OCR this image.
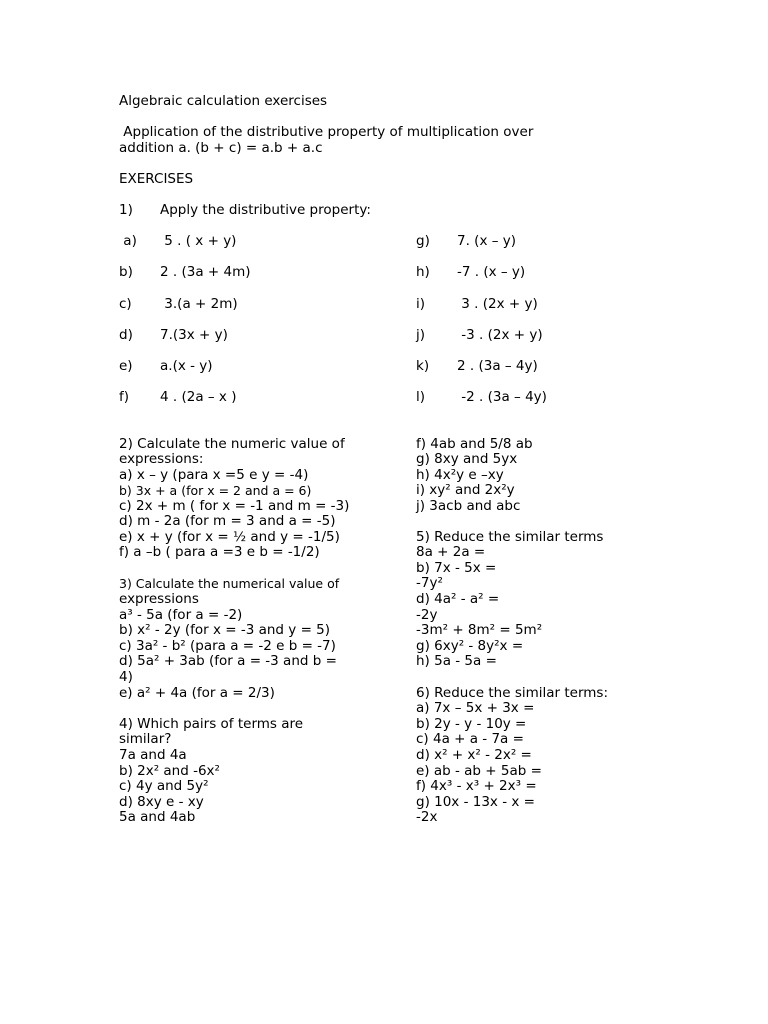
Algebraic calculation exercises
Application of the distributive property of multiplication over
addition a. (b + c) = a.b + a.c
EXERCISES
1) Apply the distributive property:
a) 5 . ( x + y)
b) 2 . (3a + 4m)
c) 3.(a + 2m)
d) 7.(3x + y)
e) a.(x - y)
f) 4 . (2a – x )
g) 7. (x – y)
h) -7 . (x – y)
i) 3 . (2x + y)
j) -3 . (2x + y)
k) 2 . (3a – 4y)
l) -2 . (3a – 4y)
2) Calculate the numeric value of
expressions:
a) x – y (para x =5 e y = -4)
b) 3x + a (for x = 2 and a = 6)
c) 2x + m ( for x = -1 and m = -3)
d) m - 2a (for m = 3 and a = -5)
e) x + y (for x = ½ and y = -1/5)
f) a –b ( para a =3 e b = -1/2)
3) Calculate the numerical value of
expressions
a³ - 5a (for a = -2)
b) x² - 2y (for x = -3 and y = 5)
c) 3a² - b² (para a = -2 e b = -7)
d) 5a² + 3ab (for a = -3 and b =
4)
e) a² + 4a (for a = 2/3)
4) Which pairs of terms are
similar?
7a and 4a
b) 2x² and -6x²
c) 4y and 5y²
d) 8xy e - xy
5a and 4ab
f) 4ab and 5/8 ab
g) 8xy and 5yx
h) 4x²y e –xy
i) xy² and 2x²y
j) 3acb and abc
5) Reduce the similar terms
8a + 2a =
b) 7x - 5x =
-7y²
d) 4a² - a² =
-2y
-3m² + 8m² = 5m²
g) 6xy² - 8y²x =
h) 5a - 5a =
6) Reduce the similar terms:
a) 7x – 5x + 3x =
b) 2y - y - 10y =
c) 4a + a - 7a =
d) x² + x² - 2x² =
e) ab - ab + 5ab =
f) 4x³ - x³ + 2x³ =
g) 10x - 13x - x =
-2x
